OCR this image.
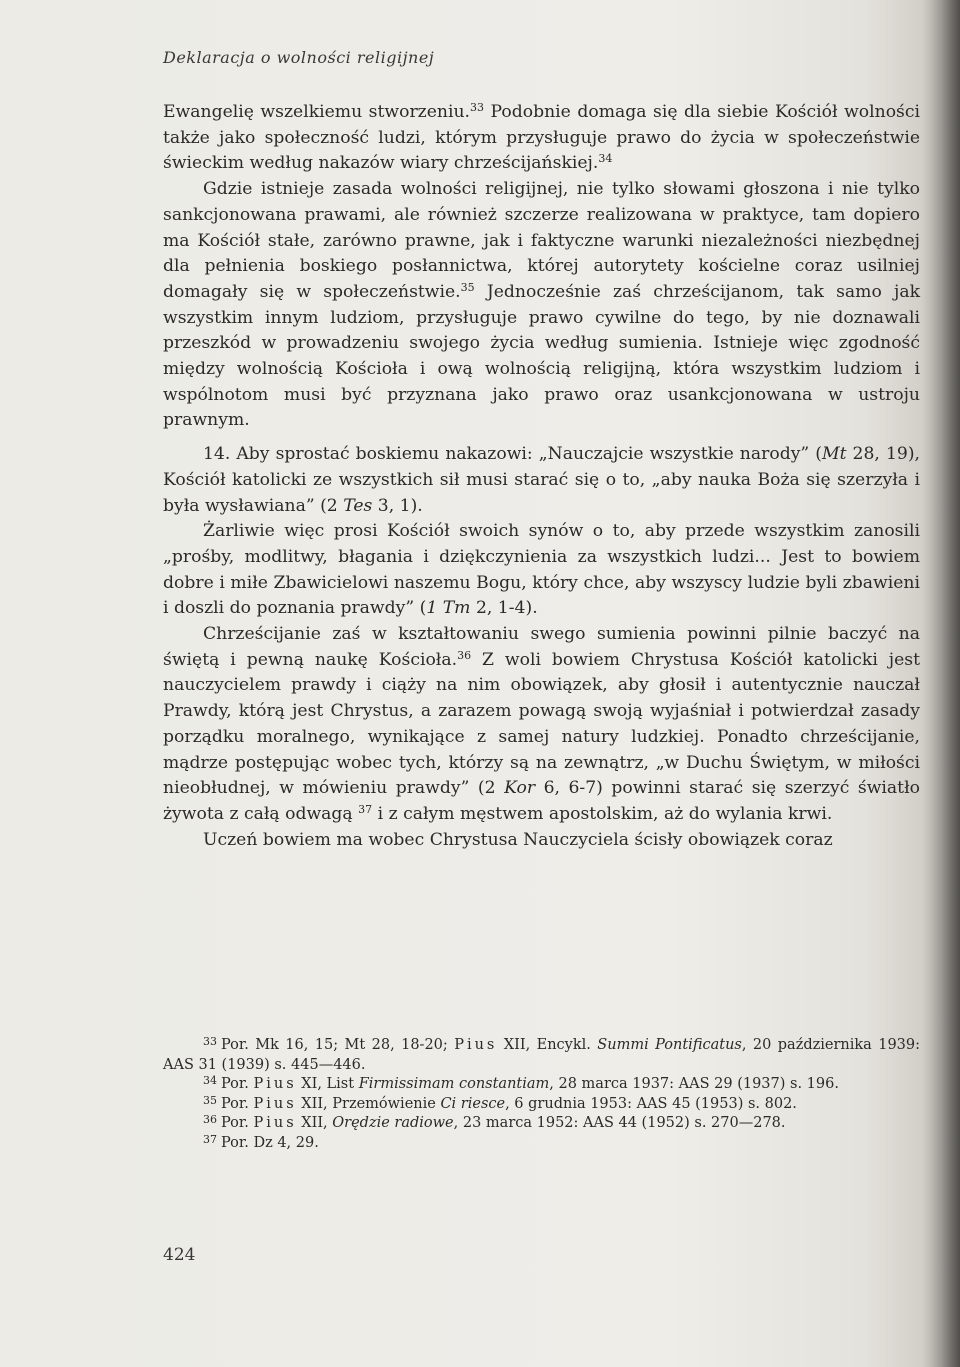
Deklaracja o wolności religijnej

Ewangelię wszelkiemu stworzeniu.$^{33}$ Podobnie domaga się dla siebie Kościół wolności także jako społeczność ludzi, którym przysługuje prawo do życia w społeczeństwie świeckim według nakazów wiary chrześcijańskiej.$^{34}$

Gdzie istnieje zasada wolności religijnej, nie tylko słowami głoszona i nie tylko sankcjonowana prawami, ale również szczerze realizowana w praktyce, tam dopiero ma Kościół stałe, zarówno prawne, jak i faktyczne warunki niezależności niezbędnej dla pełnienia boskiego posłannictwa, której autorytety kościelne coraz usilniej domagały się w społeczeństwie.$^{35}$ Jednocześnie zaś chrześcijanom, tak samo jak wszystkim innym ludziom, przysługuje prawo cywilne do tego, by nie doznawali przeszkód w prowadzeniu swojego życia według sumienia. Istnieje więc zgodność między wolnością Kościoła i ową wolnością religijną, która wszystkim ludziom i wspólnotom musi być przyznana jako prawo oraz usankcjonowana w ustroju prawnym.

14. Aby sprostać boskiemu nakazowi: „Nauczajcie wszystkie narody” (Mt 28, 19), Kościół katolicki ze wszystkich sił musi starać się o to, „aby nauka Boża się szerzyła i była wysławiana” (2 Tes 3, 1).

Żarliwie więc prosi Kościół swoich synów o to, aby przede wszystkim zanosili „prośby, modlitwy, błagania i dziękczynienia za wszystkich ludzi... Jest to bowiem dobre i miłe Zbawicielowi naszemu Bogu, który chce, aby wszyscy ludzie byli zbawieni i doszli do poznania prawdy” (1 Tm 2, 1-4).

Chrześcijanie zaś w kształtowaniu swego sumienia powinni pilnie baczyć na świętą i pewną naukę Kościoła.$^{36}$ Z woli bowiem Chrystusa Kościół katolicki jest nauczycielem prawdy i ciąży na nim obowiązek, aby głosił i autentycznie nauczał Prawdy, którą jest Chrystus, a zarazem powagą swoją wyjaśniał i potwierdzał zasady porządku moralnego, wynikające z samej natury ludzkiej. Ponadto chrześcijanie, mądrze postępując wobec tych, którzy są na zewnątrz, „w Duchu Świętym, w miłości nieobłudnej, w mówieniu prawdy” (2 Kor 6, 6-7) powinni starać się szerzyć światło żywota z całą odwagą $^{37}$ i z całym męstwem apostolskim, aż do wylania krwi.

Uczeń bowiem ma wobec Chrystusa Nauczyciela ścisły obowiązek coraz

$^{33}$ Por. Mk 16, 15; Mt 28, 18-20; Pius XII, Encykl. Summi Pontificatus, 20 października 1939: AAS 31 (1939) s. 445—446.

$^{34}$ Por. Pius XI, List Firmissimam constantiam, 28 marca 1937: AAS 29 (1937) s. 196.

$^{35}$ Por. Pius XII, Przemówienie Ci riesce, 6 grudnia 1953: AAS 45 (1953) s. 802.

$^{36}$ Por. Pius XII, Orędzie radiowe, 23 marca 1952: AAS 44 (1952) s. 270—278.

$^{37}$ Por. Dz 4, 29.

424
